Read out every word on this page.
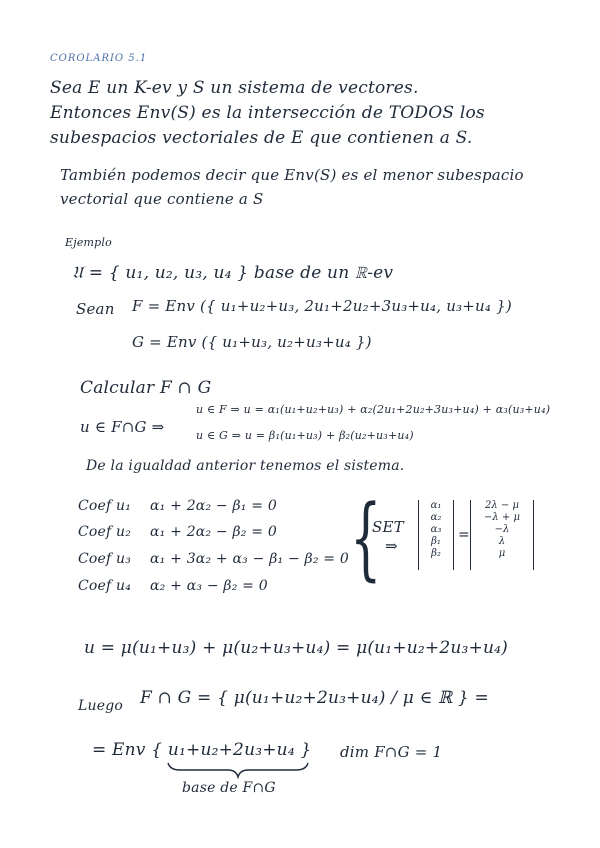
COROLARIO 5.1
Sea E un K-ev y S un sistema de vectores.
Entonces Env(S) es la intersección de TODOS los
subespacios vectoriales de E que contienen a S.
También podemos decir que Env(S) es el menor subespacio
vectorial que contiene a S
Ejemplo
𝔘 = { u₁, u₂, u₃, u₄ } base de un ℝ-ev
Sean F = Env ({ u₁+u₂+u₃, 2u₁+2u₂+3u₃+u₄, u₃+u₄ })
G = Env ({ u₁+u₃, u₂+u₃+u₄ })
Calcular F ∩ G
u ∈ F∩G ⇒
u ∈ F ⇒ u = α₁(u₁+u₂+u₃) + α₂(2u₁+2u₂+3u₃+u₄) + α₃(u₃+u₄)
u ∈ G ⇒ u = β₁(u₁+u₃) + β₂(u₂+u₃+u₄)
De la igualdad anterior tenemos el sistema.
Coef u₁ α₁ + 2α₂ − β₁ = 0
Coef u₂ α₁ + 2α₂ − β₂ = 0
Coef u₃ α₁ + 3α₂ + α₃ − β₁ − β₂ = 0
Coef u₄ α₂ + α₃ − β₂ = 0 {
SET
⇒
α₁
α₂
α₃
β₁
β₂
=
2λ − μ
−λ + μ
−λ
λ
μ
u = μ(u₁+u₃) + μ(u₂+u₃+u₄) = μ(u₁+u₂+2u₃+u₄)
Luego F ∩ G = { μ(u₁+u₂+2u₃+u₄) / μ ∈ ℝ } =
= Env { u₁+u₂+2u₃+u₄ } dim F∩G = 1
base de F∩G
